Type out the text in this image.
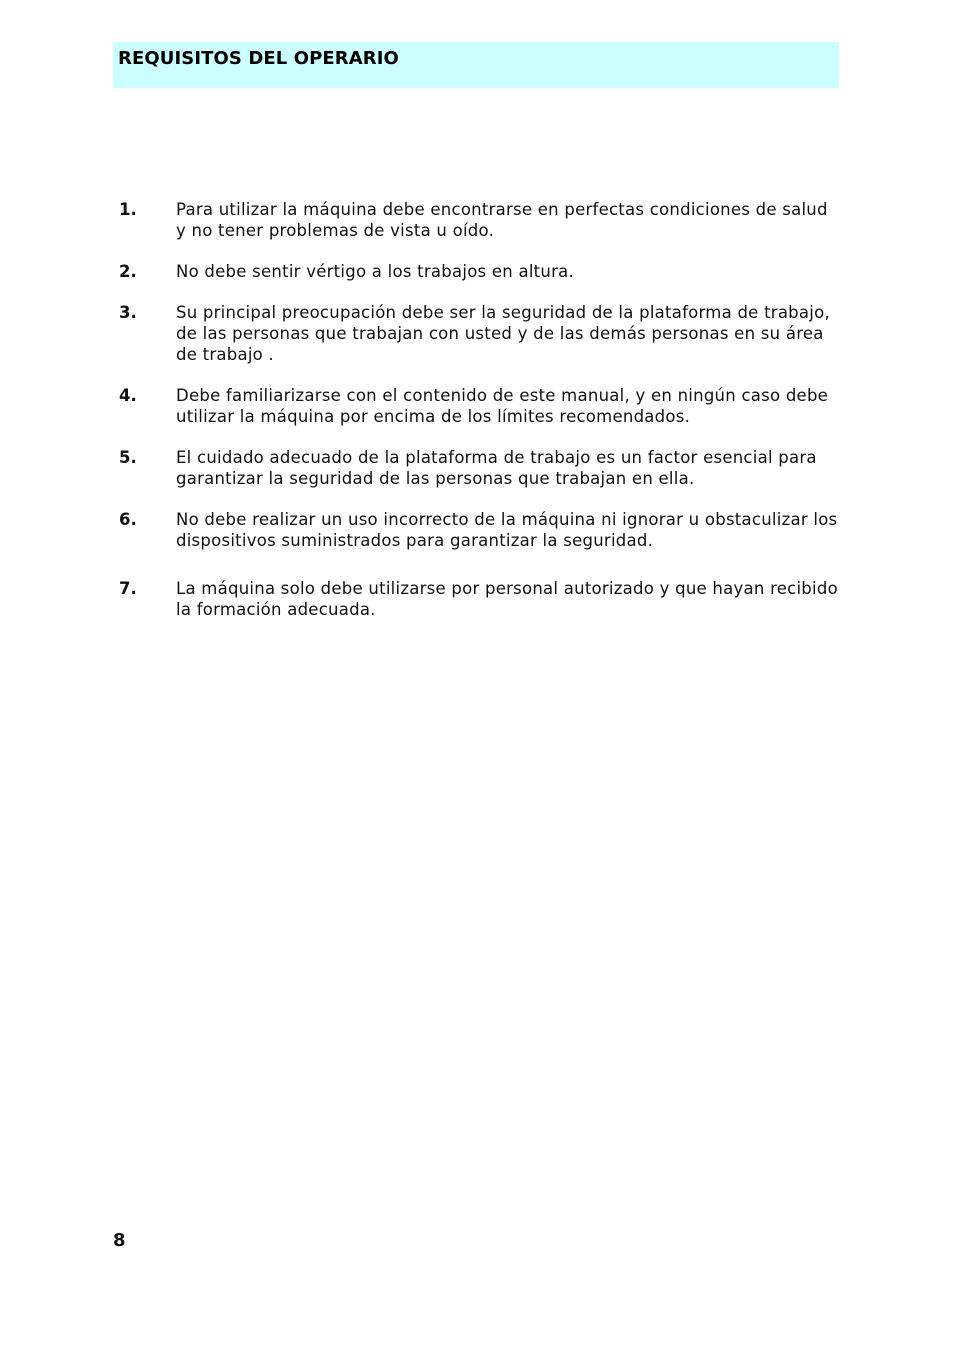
REQUISITOS DEL OPERARIO
1.	Para utilizar la máquina debe encontrarse en perfectas condiciones de salud y no tener problemas de vista u oído.
2.	No debe sentir vértigo a los trabajos en altura.
3.	Su principal preocupación debe ser la seguridad de la plataforma de trabajo, de las personas que trabajan con usted y de las demás personas en su área de trabajo .
4.	Debe familiarizarse con el contenido de este manual, y en ningún caso debe utilizar la máquina por encima de los límites recomendados.
5.	El cuidado adecuado de la plataforma de trabajo es un factor esencial para garantizar la seguridad de las personas que trabajan en ella.
6.	No debe realizar un uso incorrecto de la máquina ni ignorar u obstaculizar los dispositivos suministrados para garantizar la seguridad.
7.	La máquina solo debe utilizarse por personal autorizado y que hayan recibido la formación adecuada.
8
